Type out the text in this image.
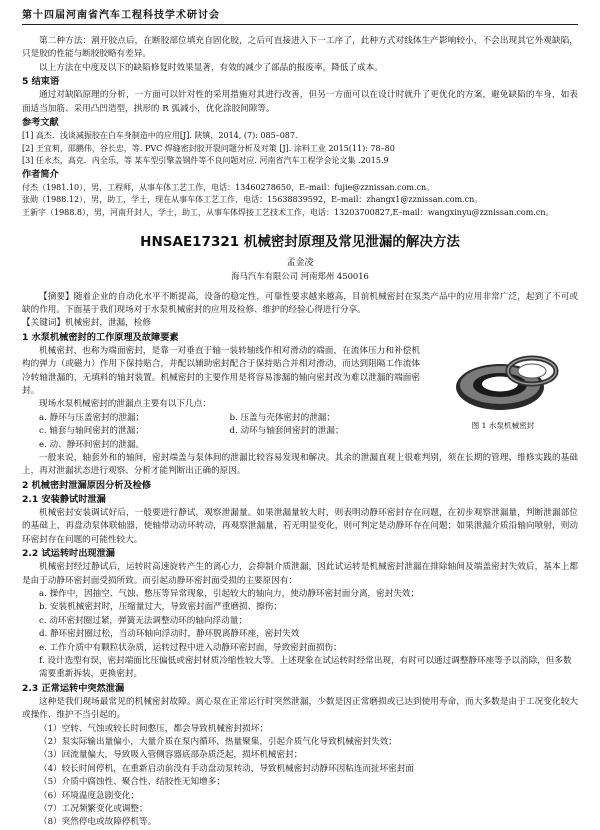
第十四届河南省汽车工程科技学术研讨会

第二种方法：割开胶点后，在断胶部位填充自固化胶，之后可直接进入下一工序了，此种方式对线体生产影响较小，不会出现其它外观缺陷，只是胶的性能与断胶胶略有差异。

以上方法在中度及以下的缺陷修复时效果显著，有效的减少了部品的报废率，降低了成本。

5 结束语

通过对缺陷原理的分析，一方面可以针对性的采用措施对其进行改善，但另一方面可以在设计时就升了更优化的方案，避免缺陷的车身，如表面适当加筋、采用凸凹造型，拱形的 R 弧减小，优化涂胶间隙等。

参考文献

[1] 高杰．浅谈减振胶在白车身制造中的应用[J]. 陕镇，2014, (7): 085–087.

[2] 王宜莉，邵鹏伟，谷长忠，等. PVC 焊缝密封胶开裂问题分析及对策 [J]. 涂料工业 2015(11): 78–80

[3] 任永杰，高克．内全乐，等 某车型引擎盖钢件等不良问题对应. 河南省汽车工程学会论文集 .2015.9

作者简介

付杰（1981.10），男，工程师，从事车体工艺工作，电话：13460278650，E–mail：fujie@zznissan.com.cn。

张勋（1988.12），男，助工，学士，现在从事车体工艺工作，电话：15638839592，E–mail：zhangx1@zznissan.com.cn。

王新宇（1988.8），男，河南开封人，学士，助工，从事车体焊接工艺技术工作，电话：13203700827,E–mail：wangxinyu@zznissan.com.cn。

HNSAE17321 机械密封原理及常见泄漏的解决方法

孟金凌

海马汽车有限公司 河南郑州 450016

【摘要】随着企业的自动化水平不断提高，设备的稳定性，可靠性要求越来越高，目前机械密封在泵类产品中的应用非常广泛，起到了不可或缺的作用。下面基于我们现场对于水泵机械密封的应用及检修、维护的经验心得进行分享。

【关键词】机械密封，泄漏，检修

1 水泵机械密封的工作原理及故障要素

机械密封，也称为端面密封，是靠一对垂直于轴一装转轴线作相对滑动的端面，在流体压力和补偿机构的弹力（或磁力）作用下保持贴合，并配以辅助密封配合于保持贴合并相对滑动，而达到阻隔工作流体冷转轴泄漏的，无填料的轴封装置。机械密封的主要作用是将容易渗漏的轴向密封改为难以泄漏的端面密封。

现场水泵机械密封的泄漏点主要有以下几点：

a. 静环与压盖密封的泄漏；	b. 压盖与壳体密封的泄漏；
c. 轴套与轴间密封的泄漏；	d. 动环与轴套间密封的泄漏；
e. 动、静环间密封的泄漏。
图 1 水泵机械密封

一般来说，轴套外和的轴间，密封端盖与泵体间的泄漏比较容易发现和解决。其余的泄漏直观上很难判别，须在长期的管理、维修实践的基础上，再对泄漏状态进行观察、分析才能判断出正确的原因。

2 机械密封泄漏原因分析及检修

2.1 安装静试时泄漏

机械密封安装调试好后，一般要进行静试，观察泄漏量。如果泄漏量较大时，则表明动静环密封存在问题，在初步观察泄漏量，判断泄漏部位的基础上，再盘动泵体联轴器，使轴带动动环转动，再观察泄漏量，若无明显变化，则可判定是动静环存在问题；如果泄漏介质沿轴向喷射，则动环密封存在问题的可能性较大。

2.2 试运转时出现泄漏

机械密封经过静试后，运转时高速旋转产生的离心力，会抑制介质泄漏，因此试运转是机械密封泄漏在排除轴间及端盖密封失效后，基本上都是由于动静环密封面受损所致。而引起动静环密封面受损的主要原因有：

a. 操作中，因抽空、气蚀、憋压等异常现象，引起较大的轴向力，使动静环密封面分离，密封失效；

b. 安装机械密封时，压缩量过大，导致密封面严重磨损、擦伤；

c. 动环密封圈过紧，弹簧无法调整动环的轴向浮动量；

d. 静环密封圈过松，当动环轴向浮动时，静环脱离静环座，密封失效

e. 工作介质中有颗粒状杂质，运转过程中进入动静环密封面，导致密封面损伤；

f. 设计选型有误，密封端面比压偏低或密封材质冷缩性较大等。上述现象在试运转时经常出现，有时可以通过调整静环座等予以消除，但多数需要重新拆装，更换密封。

2.3 正常运转中突然泄漏

这种是我们现场最常见的机械密封故障。离心泵在正常运行时突然泄漏，少数是因正常磨损或已达到使用寿命，而大多数是由于工况变化较大或操作、维护不当引起的。

（1）空转、气蚀或较长时间憋压，都会导致机械密封损坏；

（2）泵实际输出量偏小，大量介质在泵内循环，热量聚集，引起介质气化导致机械密封失效；

（3）回流量偏大，导致吸入管侧容器底部杂质泛起，损坏机械密封；

（4）较长时间停机，在重新启动前没有手动盘动泵转动，导致机械密封动静环因粘连而扯坏密封面

（5）介质中腐蚀性、聚合性、结胶性无知增多；

（6）环境温度急剧变化；

（7）工况频繁变化或调整；

（8）突然停电或故障停机等。
